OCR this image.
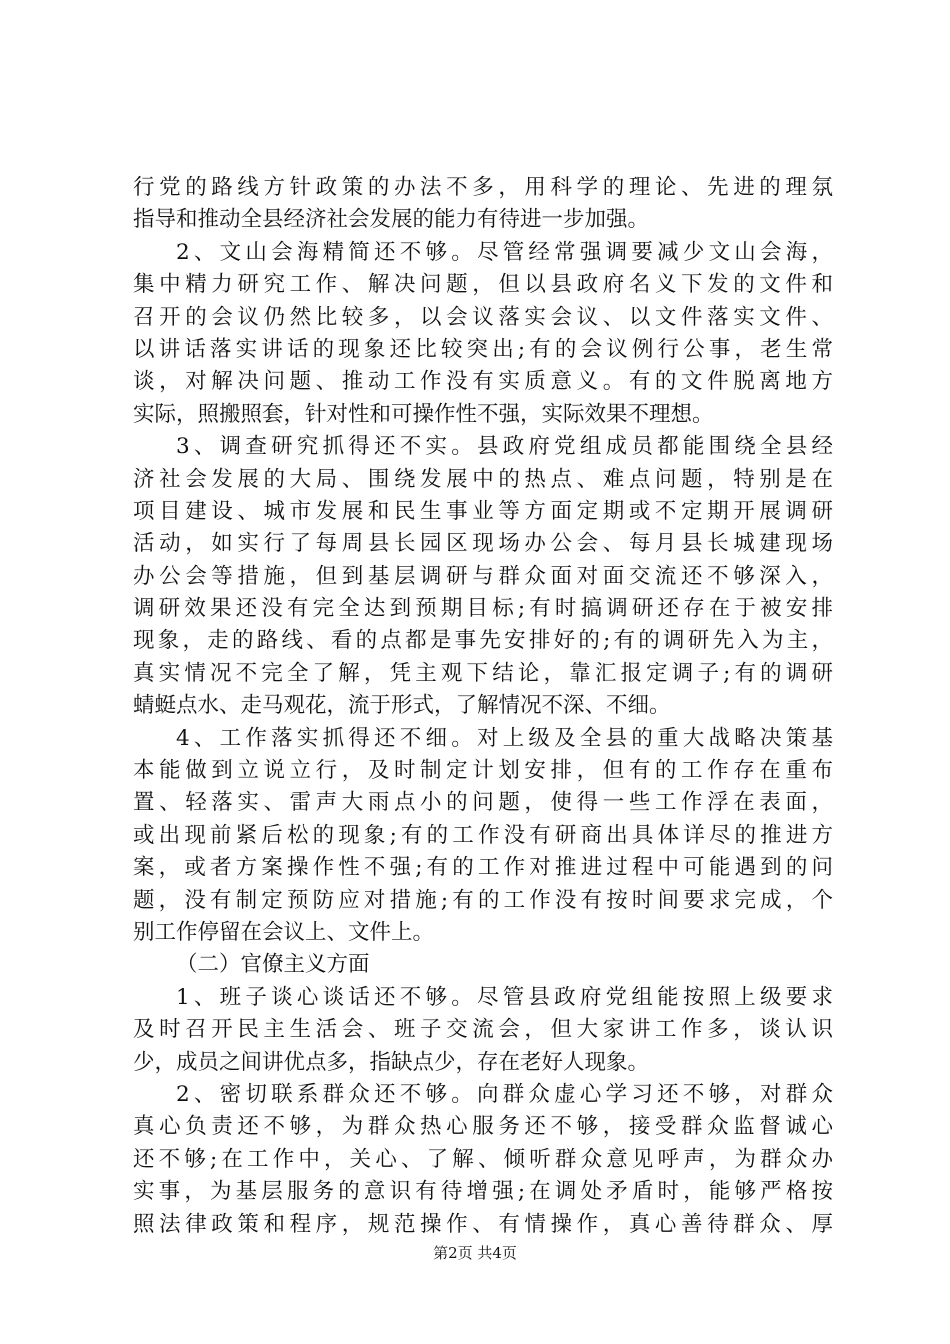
行党的路线方针政策的办法不多，用科学的理论、先进的理氛
指导和推动全县经济社会发展的能力有待进一步加强。
2、文山会海精简还不够。尽管经常强调要减少文山会海，
集中精力研究工作、解决问题，但以县政府名义下发的文件和
召开的会议仍然比较多，以会议落实会议、以文件落实文件、
以讲话落实讲话的现象还比较突出;有的会议例行公事，老生常
谈，对解决问题、推动工作没有实质意义。有的文件脱离地方
实际，照搬照套，针对性和可操作性不强，实际效果不理想。
3、调查研究抓得还不实。县政府党组成员都能围绕全县经
济社会发展的大局、围绕发展中的热点、难点问题，特别是在
项目建设、城市发展和民生事业等方面定期或不定期开展调研
活动，如实行了每周县长园区现场办公会、每月县长城建现场
办公会等措施，但到基层调研与群众面对面交流还不够深入，
调研效果还没有完全达到预期目标;有时搞调研还存在于被安排
现象，走的路线、看的点都是事先安排好的;有的调研先入为主，
真实情况不完全了解，凭主观下结论，靠汇报定调子;有的调研
蜻蜓点水、走马观花，流于形式，了解情况不深、不细。
4、工作落实抓得还不细。对上级及全县的重大战略决策基
本能做到立说立行，及时制定计划安排，但有的工作存在重布
置、轻落实、雷声大雨点小的问题，使得一些工作浮在表面，
或出现前紧后松的现象;有的工作没有研商出具体详尽的推进方
案，或者方案操作性不强;有的工作对推进过程中可能遇到的问
题，没有制定预防应对措施;有的工作没有按时间要求完成，个
别工作停留在会议上、文件上。
（二）官僚主义方面
1、班子谈心谈话还不够。尽管县政府党组能按照上级要求
及时召开民主生活会、班子交流会，但大家讲工作多，谈认识
少，成员之间讲优点多，指缺点少，存在老好人现象。
2、密切联系群众还不够。向群众虚心学习还不够，对群众
真心负责还不够，为群众热心服务还不够，接受群众监督诚心
还不够;在工作中，关心、了解、倾听群众意见呼声，为群众办
实事，为基层服务的意识有待增强;在调处矛盾时，能够严格按
照法律政策和程序，规范操作、有情操作，真心善待群众、厚
第2页 共4页
